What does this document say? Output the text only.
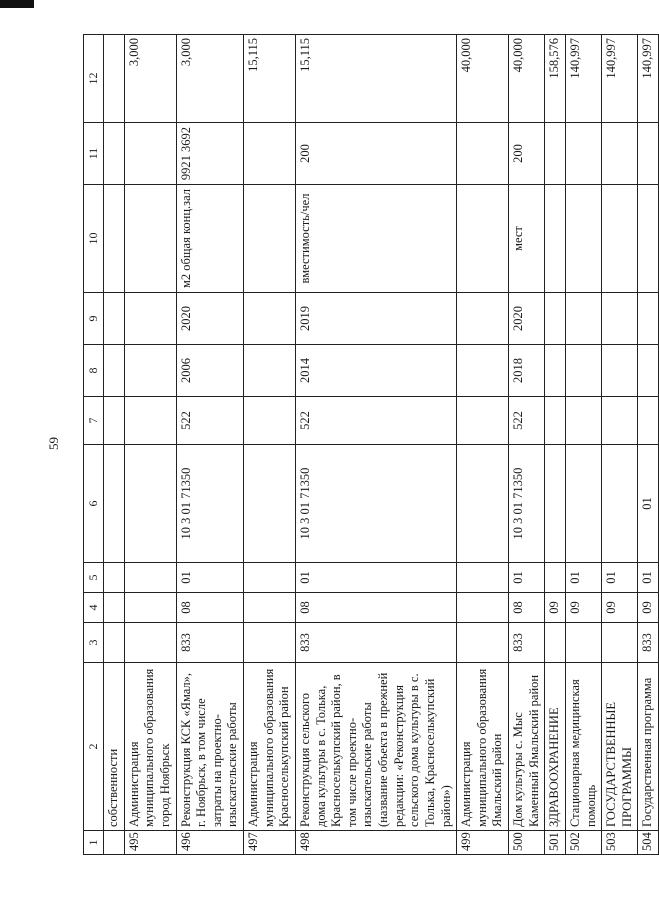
59
1	2	3	4	5	6	7	8	9	10	11	12
	собственности										
495	Администрация муниципального образования город Ноябрьск										3,000
496	Реконструкция КСК «Ямал», г. Ноябрьск, в том числе затраты на проектно-изыскательские работы	833	08	01	10 3 01 71350	522	2006	2020	м2 общая конц.зал	9921 3692	3,000
497	Администрация муниципального образования Красноселькупский район										15,115
498	Реконструкция сельского дома культуры в с. Толька, Красноселькупский район, в том числе проектно-изыскательские работы (название объекта в прежней редакции: «Реконструкция сельского дома культуры в с. Толька, Красноселькупский район»)	833	08	01	10 3 01 71350	522	2014	2019	вместимость/чел	200	15,115
499	Администрация муниципального образования Ямальский район										40,000
500	Дом культуры с. Мыс Каменный Ямальский район	833	08	01	10 3 01 71350	522	2018	2020	мест	200	40,000
501	ЗДРАВООХРАНЕНИЕ		09								158,576
502	Стационарная медицинская помощь		09	01							140,997
503	ГОСУДАРСТВЕННЫЕ ПРОГРАММЫ		09	01							140,997
504	Государственная программа	833	09	01	01						140,997
